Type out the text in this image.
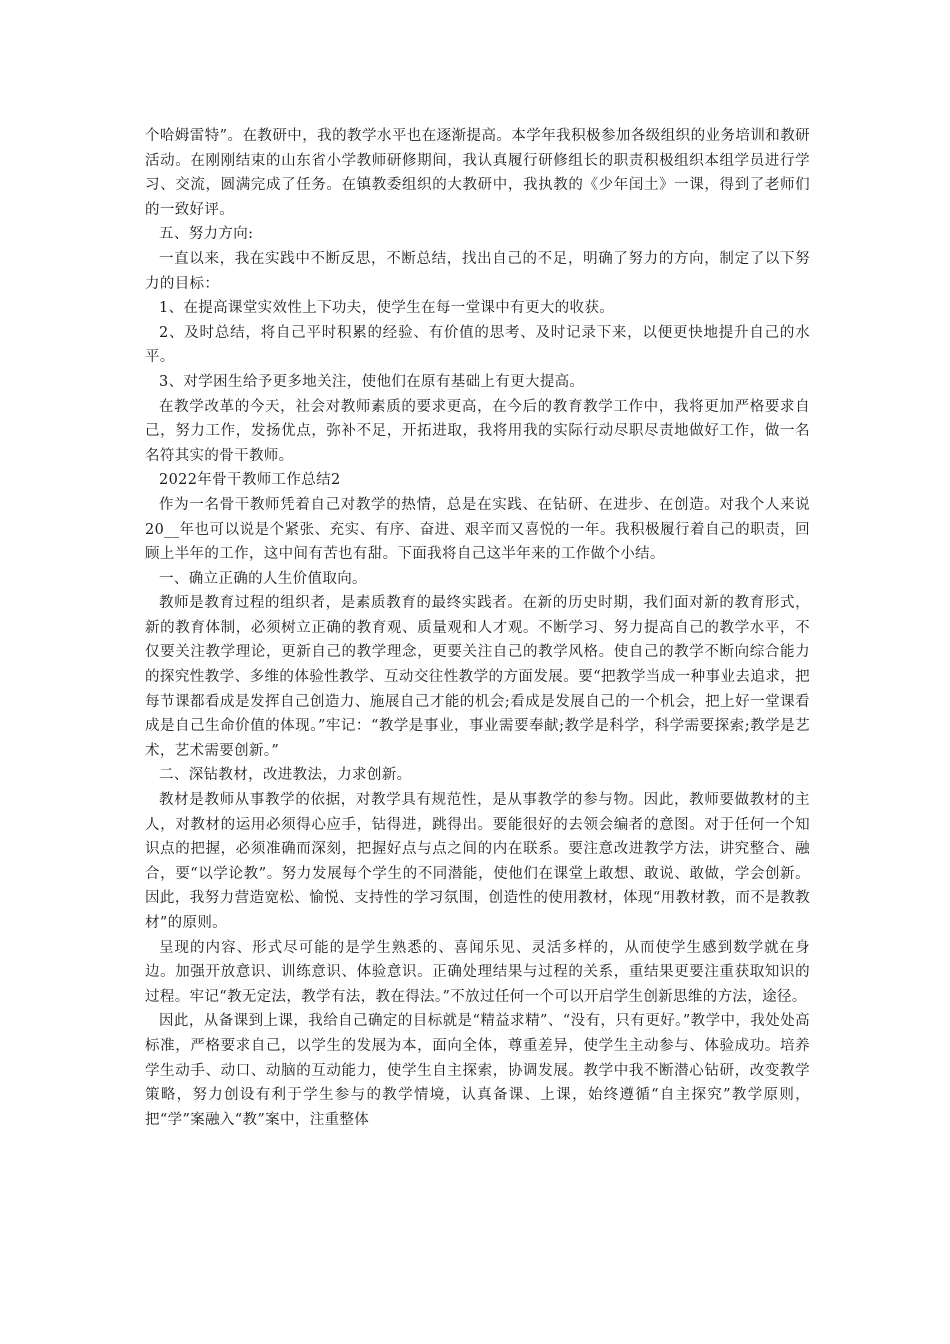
个哈姆雷特”。在教研中，我的教学水平也在逐渐提高。本学年我积极参加各级组织的业务培训和教研活动。在刚刚结束的山东省小学教师研修期间，我认真履行研修组长的职责积极组织本组学员进行学习、交流，圆满完成了任务。在镇教委组织的大教研中，我执教的《少年闰土》一课，得到了老师们的一致好评。

五、努力方向:

一直以来，我在实践中不断反思，不断总结，找出自己的不足，明确了努力的方向，制定了以下努力的目标：

1、在提高课堂实效性上下功夫，使学生在每一堂课中有更大的收获。

2、及时总结，将自己平时积累的经验、有价值的思考、及时记录下来，以便更快地提升自己的水平。

3、对学困生给予更多地关注，使他们在原有基础上有更大提高。

在教学改革的今天，社会对教师素质的要求更高，在今后的教育教学工作中，我将更加严格要求自己，努力工作，发扬优点，弥补不足，开拓进取，我将用我的实际行动尽职尽责地做好工作，做一名名符其实的骨干教师。

2022年骨干教师工作总结2

作为一名骨干教师凭着自己对教学的热情，总是在实践、在钻研、在进步、在创造。对我个人来说20__年也可以说是个紧张、充实、有序、奋进、艰辛而又喜悦的一年。我积极履行着自己的职责，回顾上半年的工作，这中间有苦也有甜。下面我将自己这半年来的工作做个小结。

一、确立正确的人生价值取向。

教师是教育过程的组织者，是素质教育的最终实践者。在新的历史时期，我们面对新的教育形式，新的教育体制，必须树立正确的教育观、质量观和人才观。不断学习、努力提高自己的教学水平，不仅要关注教学理论，更新自己的教学理念，更要关注自己的教学风格。使自己的教学不断向综合能力的探究性教学、多维的体验性教学、互动交往性教学的方面发展。要“把教学当成一种事业去追求，把每节课都看成是发挥自己创造力、施展自己才能的机会;看成是发展自己的一个机会，把上好一堂课看成是自己生命价值的体现。”牢记：“教学是事业，事业需要奉献;教学是科学，科学需要探索;教学是艺术，艺术需要创新。”

二、深钻教材，改进教法，力求创新。

教材是教师从事教学的依据，对教学具有规范性，是从事教学的参与物。因此，教师要做教材的主人，对教材的运用必须得心应手，钻得进，跳得出。要能很好的去领会编者的意图。对于任何一个知识点的把握，必须准确而深刻，把握好点与点之间的内在联系。要注意改进教学方法，讲究整合、融合，要“以学论教”。努力发展每个学生的不同潜能，使他们在课堂上敢想、敢说、敢做，学会创新。因此，我努力营造宽松、愉悦、支持性的学习氛围，创造性的使用教材，体现“用教材教，而不是教教材”的原则。

呈现的内容、形式尽可能的是学生熟悉的、喜闻乐见、灵活多样的，从而使学生感到数学就在身边。加强开放意识、训练意识、体验意识。正确处理结果与过程的关系，重结果更要注重获取知识的过程。牢记“教无定法，教学有法，教在得法。”不放过任何一个可以开启学生创新思维的方法，途径。

因此，从备课到上课，我给自己确定的目标就是“精益求精”、“没有，只有更好。”教学中，我处处高标准，严格要求自己，以学生的发展为本，面向全体，尊重差异，使学生主动参与、体验成功。培养学生动手、动口、动脑的互动能力，使学生自主探索，协调发展。教学中我不断潜心钻研，改变教学策略，努力创设有利于学生参与的教学情境，认真备课、上课，始终遵循“自主探究”教学原则，把“学”案融入“教”案中，注重整体
